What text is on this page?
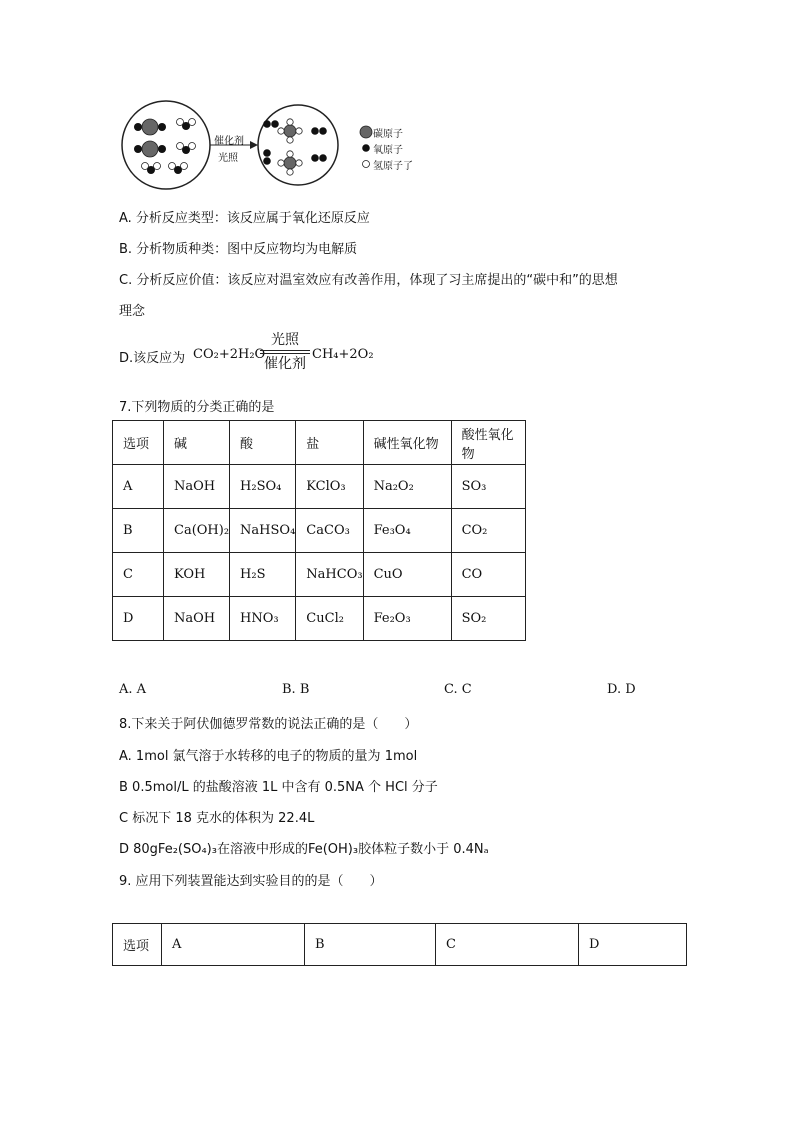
催化剂
光照
碳原子
氧原子
氢原子了
A. 分析反应类型：该反应属于氧化还原反应
B. 分析物质种类：图中反应物均为电解质
C. 分析反应价值：该反应对温室效应有改善作用，体现了习主席提出的“碳中和”的思想
理念
D.该反应为 CO₂+2H₂O
光照
催化剂
CH₄+2O₂
7.下列物质的分类正确的是
选项	碱	酸	盐	碱性氧化物	酸性氧化物
A	NaOH	H₂SO₄	KClO₃	Na₂O₂	SO₃
B	Ca(OH)₂	NaHSO₄	CaCO₃	Fe₃O₄	CO₂
C	KOH	H₂S	NaHCO₃	CuO	CO
D	NaOH	HNO₃	CuCl₂	Fe₂O₃	SO₂
A. A	B. B	C. C	D. D
8.下来关于阿伏伽德罗常数的说法正确的是（　　）
A. 1mol 氯气溶于水转移的电子的物质的量为 1mol
B 0.5mol/L 的盐酸溶液 1L 中含有 0.5NA 个 HCl 分子
C 标况下 18 克水的体积为 22.4L
D 80gFe₂(SO₄)₃在溶液中形成的Fe(OH)₃胶体粒子数小于 0.4Nₐ
9. 应用下列装置能达到实验目的的是（　　）
选项	A	B	C	D
